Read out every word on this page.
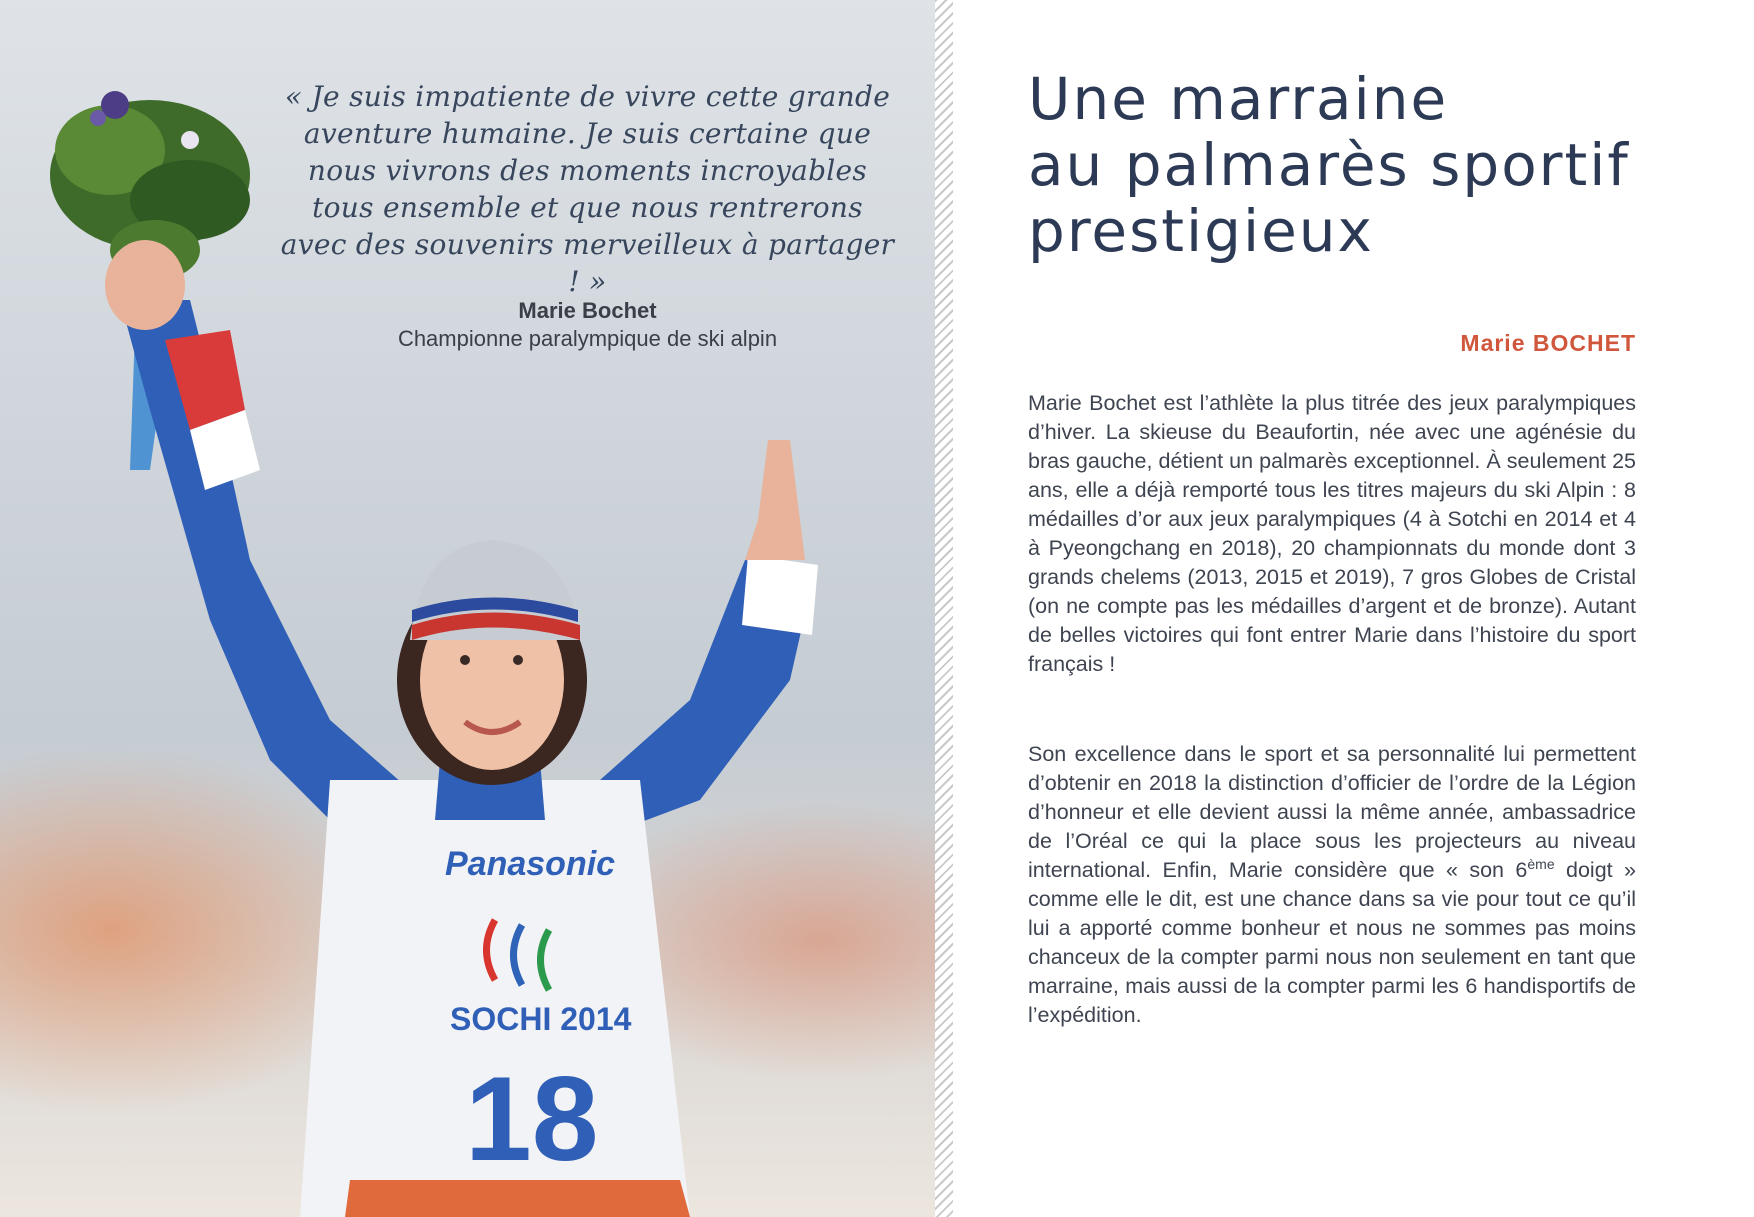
Panasonic
SOCHI 2014
18
« Je suis impatiente de vivre cette grande aventure humaine. Je suis certaine que nous vivrons des moments incroyables tous ensemble et que nous rentrerons avec des souvenirs merveilleux à partager ! »
Marie Bochet
Championne paralympique de ski alpin
Une marraine
au palmarès sportif
prestigieux
Marie BOCHET

Marie Bochet est l’athlète la plus titrée des jeux paralympiques d’hiver. La skieuse du Beaufortin, née avec une agénésie du bras gauche, détient un palmarès exceptionnel. À seulement 25 ans, elle a déjà remporté tous les titres majeurs du ski Alpin : 8 médailles d’or aux jeux paralympiques (4 à Sotchi en 2014 et 4 à Pyeongchang en 2018), 20 championnats du monde dont 3 grands chelems (2013, 2015 et 2019), 7 gros Globes de Cristal (on ne compte pas les médailles d’argent et de bronze). Autant de belles victoires qui font entrer Marie dans l’histoire du sport français !

Son excellence dans le sport et sa personnalité lui permettent d’obtenir en 2018 la distinction d’officier de l’ordre de la Légion d’honneur et elle devient aussi la même année, ambassadrice de l’Oréal ce qui la place sous les projecteurs au niveau international. Enfin, Marie considère que « son 6ème doigt » comme elle le dit, est une chance dans sa vie pour tout ce qu’il lui a apporté comme bonheur et nous ne sommes pas moins chanceux de la compter parmi nous non seulement en tant que marraine, mais aussi de la compter parmi les 6 handisportifs de l’expédition.
